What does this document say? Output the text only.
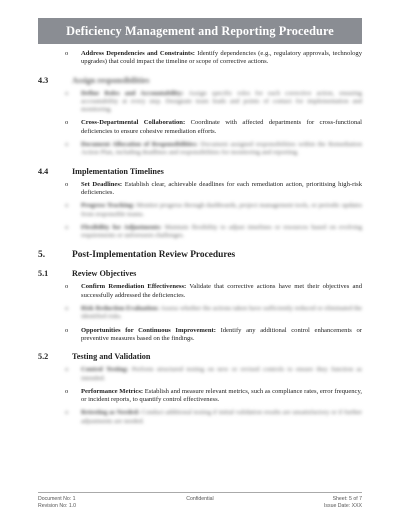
Deficiency Management and Reporting Procedure
o Address Dependencies and Constraints: Identify dependencies (e.g., regulatory approvals, technology upgrades) that could impact the timeline or scope of corrective actions.
4.3	Assign responsibilities
o Define Roles and Accountability: Assign specific roles for each corrective action, ensuring accountability at every step. Designate team leads and points of contact for implementation and monitoring.
o Cross-Departmental Collaboration: Coordinate with affected departments for cross-functional deficiencies to ensure cohesive remediation efforts.
o Document Allocation of Responsibilities: Document assigned responsibilities within the Remediation Action Plan, including deadlines and responsibilities for monitoring and reporting.
4.4	Implementation Timelines
o Set Deadlines: Establish clear, achievable deadlines for each remediation action, prioritising high-risk deficiencies.
o Progress Tracking: Monitor progress through dashboards, project management tools, or periodic updates from responsible teams.
o Flexibility for Adjustments: Maintain flexibility to adjust timelines or resources based on evolving requirements or unforeseen challenges.
5.	Post-Implementation Review Procedures
5.1	Review Objectives
o Confirm Remediation Effectiveness: Validate that corrective actions have met their objectives and successfully addressed the deficiencies.
o Risk Reduction Evaluation: Assess whether the actions taken have sufficiently reduced or eliminated the identified risks.
o Opportunities for Continuous Improvement: Identify any additional control enhancements or preventive measures based on the findings.
5.2	Testing and Validation
o Control Testing: Perform structured testing on new or revised controls to ensure they function as intended.
o Performance Metrics: Establish and measure relevant metrics, such as compliance rates, error frequency, or incident reports, to quantify control effectiveness.
o Retesting as Needed: Conduct additional testing if initial validation results are unsatisfactory or if further adjustments are needed.
Document No: 1
Revision No: 1.0
Confidential	Sheet: 5 of 7
Issue Date: XXX
